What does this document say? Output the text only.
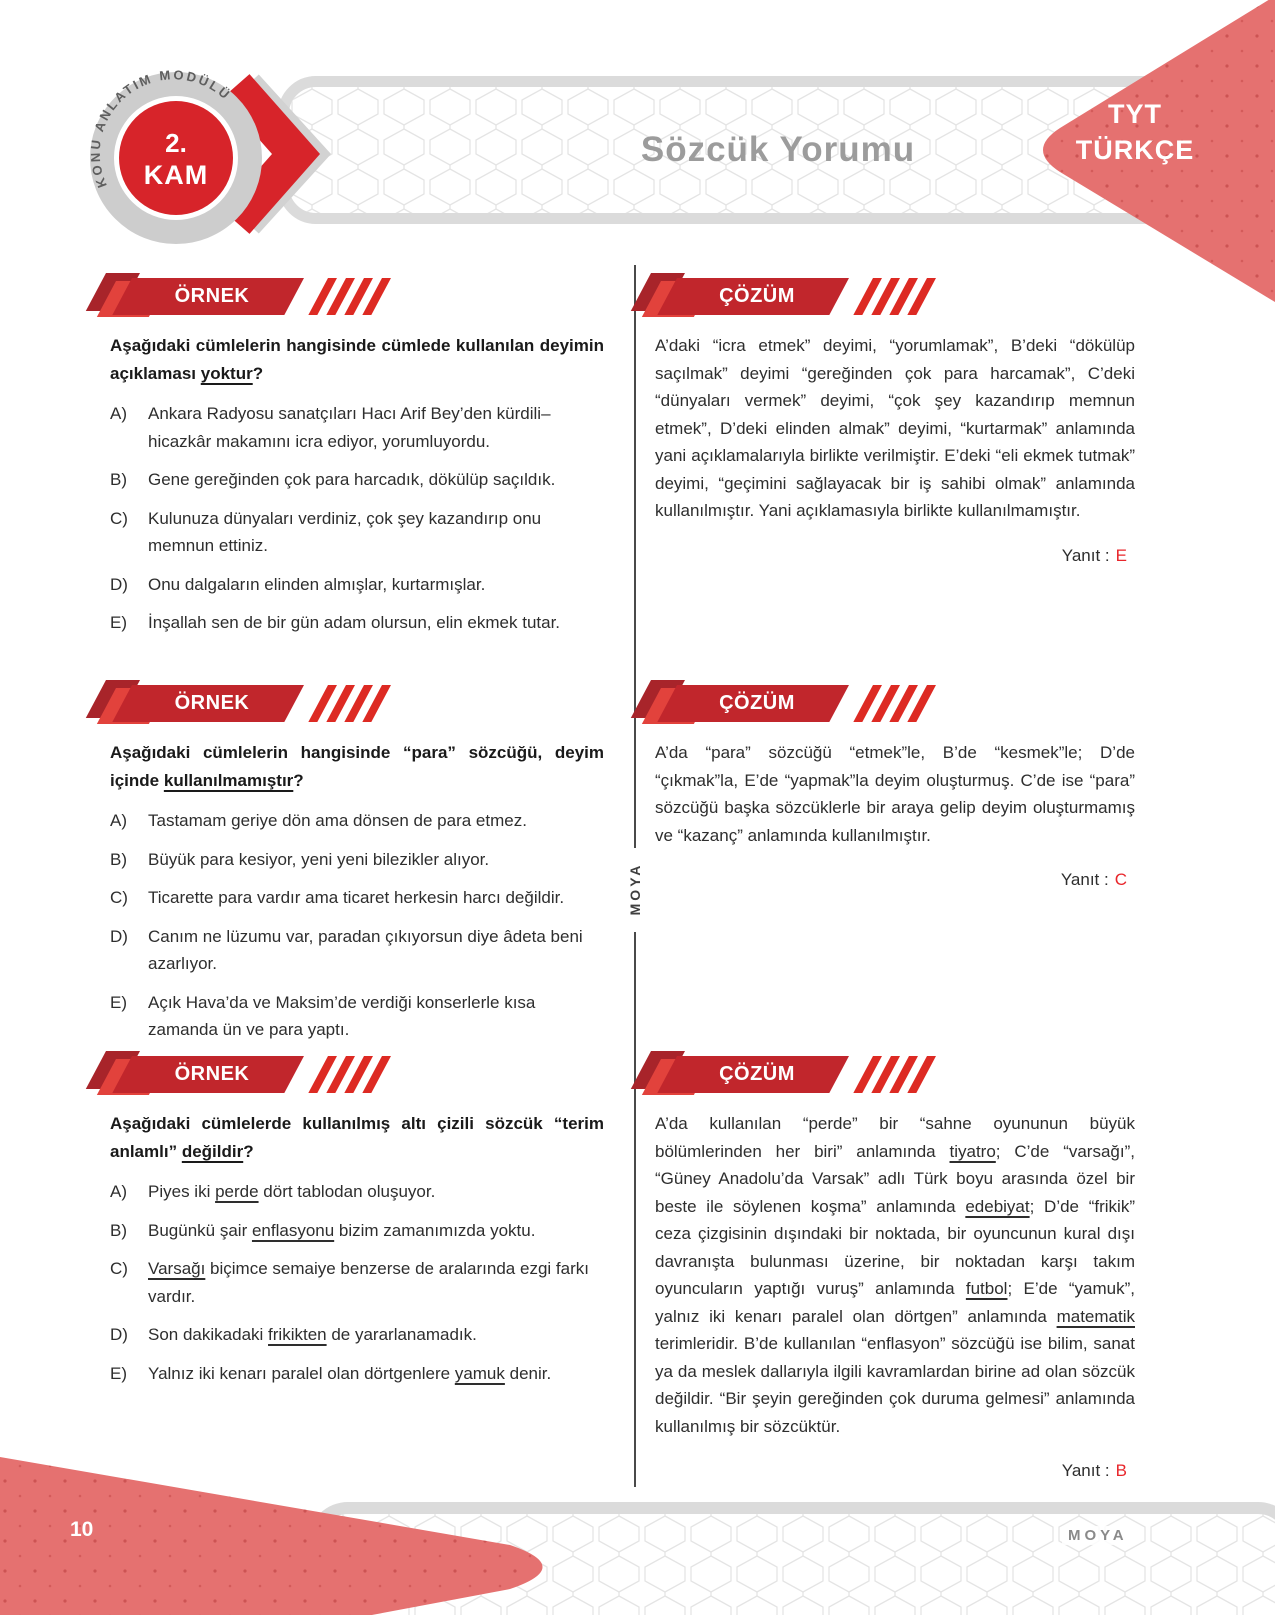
Sözcük Yorumu
TYT
TÜRKÇE
KONU ANLATIM MODÜLÜ
2.
KAM
MOYA
ÖRNEK

Aşağıdaki cümlelerin hangisinde cümlede kullanılan deyimin açıklaması yoktur?

A)	Ankara Radyosu sanatçıları Hacı Arif Bey’den kürdili–hicazkâr makamını icra ediyor, yorumluyordu.
B)	Gene gereğinden çok para harcadık, dökülüp saçıldık.
C)	Kulunuza dünyaları verdiniz, çok şey kazandırıp onu memnun ettiniz.
D)	Onu dalgaların elinden almışlar, kurtarmışlar.
E)	İnşallah sen de bir gün adam olursun, elin ekmek tutar.
ÇÖZÜM

A’daki “icra etmek” deyimi, “yorumlamak”, B’deki “dökülüp saçılmak” deyimi “gereğinden çok para harcamak”, C’deki “dünyaları vermek” deyimi, “çok şey kazandırıp memnun etmek”, D’deki elinden almak” deyimi, “kurtarmak” anlamında yani açıklamalarıyla birlikte verilmiştir. E’deki “eli ekmek tutmak” deyimi, “geçimini sağlayacak bir iş sahibi olmak” anlamında kullanılmıştır. Yani açıklamasıyla birlikte kullanılmamıştır.

Yanıt : E
ÖRNEK

Aşağıdaki cümlelerin hangisinde “para” sözcüğü, deyim içinde kullanılmamıştır?

A)	Tastamam geriye dön ama dönsen de para etmez.
B)	Büyük para kesiyor, yeni yeni bilezikler alıyor.
C)	Ticarette para vardır ama ticaret herkesin harcı değildir.
D)	Canım ne lüzumu var, paradan çıkıyorsun diye âdeta beni azarlıyor.
E)	Açık Hava’da ve Maksim’de verdiği konserlerle kısa zamanda ün ve para yaptı.
ÇÖZÜM

A’da “para” sözcüğü “etmek”le, B’de “kesmek”le; D’de “çıkmak”la, E’de “yapmak”la deyim oluşturmuş. C’de ise “para” sözcüğü başka sözcüklerle bir araya gelip deyim oluşturmamış ve “kazanç” anlamında kullanılmıştır.

Yanıt : C
ÖRNEK

Aşağıdaki cümlelerde kullanılmış altı çizili sözcük “terim anlamlı” değildir?

A)	Piyes iki perde dört tablodan oluşuyor.
B)	Bugünkü şair enflasyonu bizim zamanımızda yoktu.
C)	Varsağı biçimce semaiye benzerse de aralarında ezgi farkı vardır.
D)	Son dakikadaki frikikten de yararlanamadık.
E)	Yalnız iki kenarı paralel olan dörtgenlere yamuk denir.
ÇÖZÜM

A’da kullanılan “perde” bir “sahne oyununun büyük bölümlerinden her biri” anlamında tiyatro; C’de “varsağı”, “Güney Anadolu’da Varsak” adlı Türk boyu arasında özel bir beste ile söylenen koşma” anlamında edebiyat; D’de “frikik” ceza çizgisinin dışındaki bir noktada, bir oyuncunun kural dışı davranışta bulunması üzerine, bir noktadan karşı takım oyuncuların yaptığı vuruş” anlamında futbol; E’de “yamuk”, yalnız iki kenarı paralel olan dörtgen” anlamında matematik terimleridir. B’de kullanılan “enflasyon” sözcüğü ise bilim, sanat ya da meslek dallarıyla ilgili kavramlardan birine ad olan sözcük değildir. “Bir şeyin gereğinden çok duruma gelmesi” anlamında kullanılmış bir sözcüktür.

Yanıt : B
MOYA
10
